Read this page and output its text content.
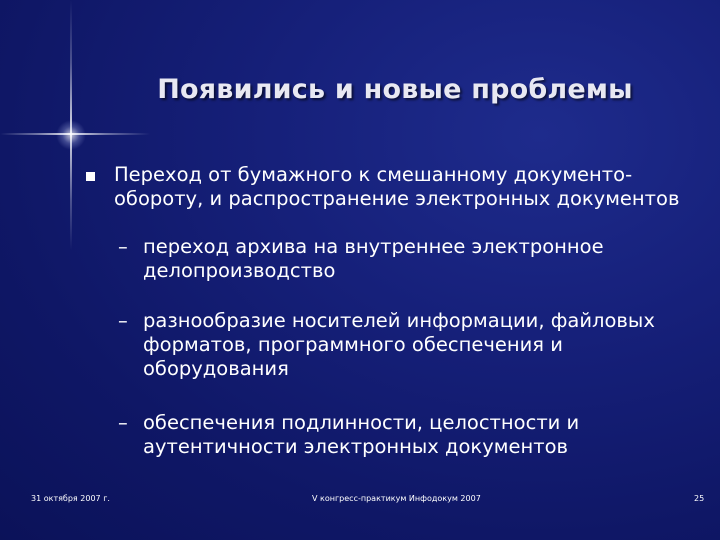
Появились и новые проблемы
Переход от бумажного к смешанному документо-
обороту, и распространение электронных документов
– переход архива на внутреннее электронное
делопроизводство
– разнообразие носителей информации, файловых
форматов, программного обеспечения и
оборудования
– обеспечения подлинности, целостности и
аутентичности электронных документов
31 октября 2007 г.	V конгресс-практикум Инфодокум 2007	25
